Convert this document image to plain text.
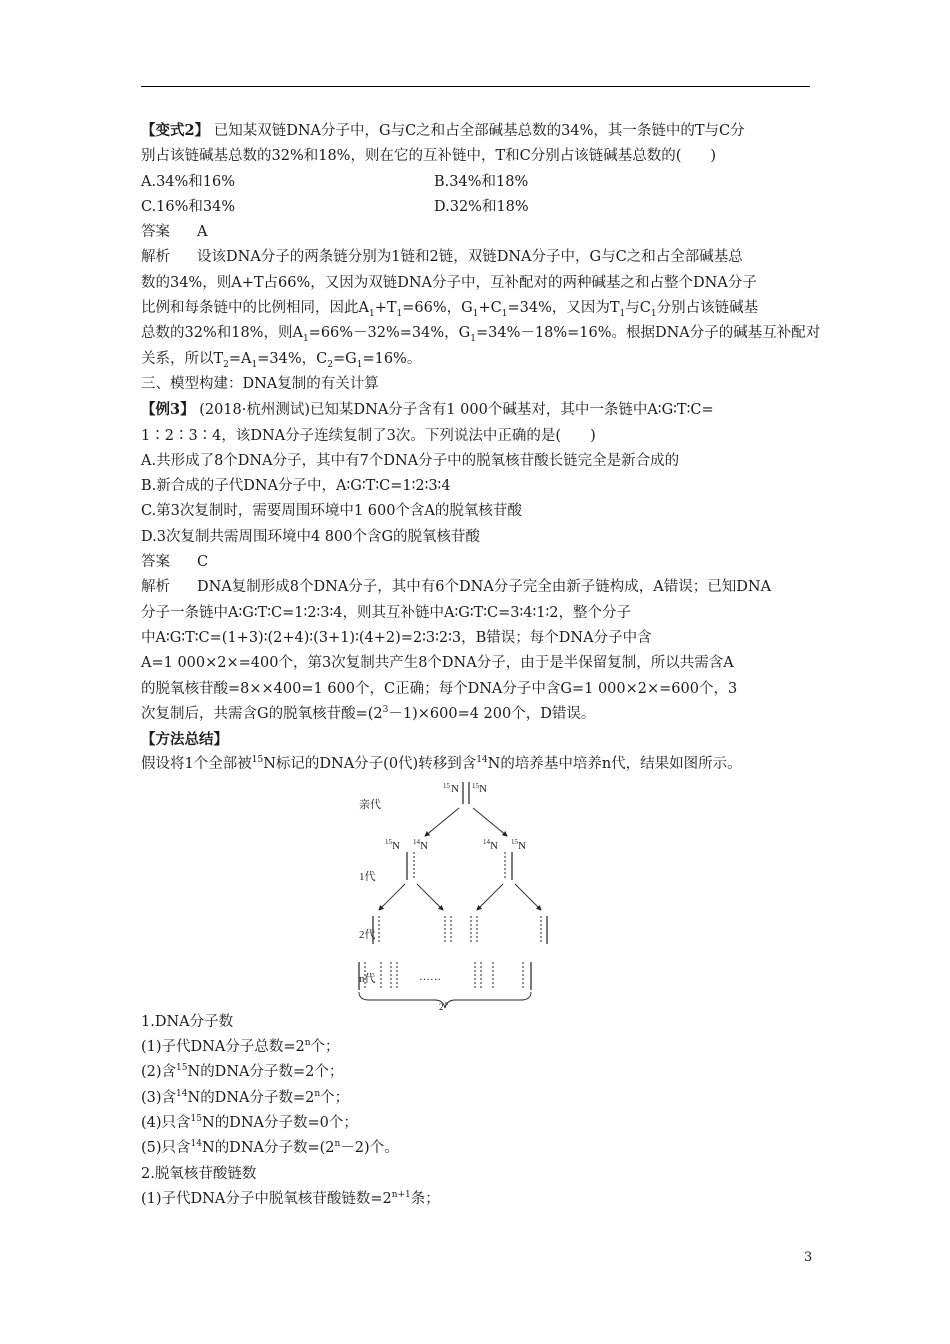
【变式2】 已知某双链DNA分子中，G与C之和占全部碱基总数的34%，其一条链中的T与C分

别占该链碱基总数的32%和18%，则在它的互补链中，T和C分别占该链碱基总数的(　　)

A.34%和16%	B.34%和18%

C.16%和34%	D.32%和18%

答案 A

解析 设该DNA分子的两条链分别为1链和2链，双链DNA分子中，G与C之和占全部碱基总

数的34%，则A+T占66%，又因为双链DNA分子中，互补配对的两种碱基之和占整个DNA分子

比例和每条链中的比例相同，因此$A_1+T_1=66\%$，$G_1+C_1=34\%$，又因为$T_1$与$C_1$分别占该链碱基

总数的32%和18%，则$A_1=66\%-32\%=34\%$，$G_1=34\%-18\%=16\%$。根据DNA分子的碱基互补配对

关系，所以$T_2=A_1=34\%$，$C_2=G_1=16\%$。

三、模型构建：DNA复制的有关计算

【例3】 (2018·杭州测试)已知某DNA分子含有1 000个碱基对，其中一条链中A∶G∶T∶C=

1∶2∶3∶4，该DNA分子连续复制了3次。下列说法中正确的是(　　)

A.共形成了8个DNA分子，其中有7个DNA分子中的脱氧核苷酸长链完全是新合成的

B.新合成的子代DNA分子中，A∶G∶T∶C=1∶2∶3∶4

C.第3次复制时，需要周围环境中1 600个含A的脱氧核苷酸

D.3次复制共需周围环境中4 800个含G的脱氧核苷酸

答案 C

解析 DNA复制形成8个DNA分子，其中有6个DNA分子完全由新子链构成，A错误；已知DNA

分子一条链中A∶G∶T∶C=1∶2∶3∶4，则其互补链中A∶G∶T∶C=3∶4∶1∶2，整个分子

中A∶G∶T∶C=(1+3)∶(2+4)∶(3+1)∶(4+2)=2∶3∶2∶3，B错误；每个DNA分子中含

A=1 000×2×=400个，第3次复制共产生8个DNA分子，由于是半保留复制，所以共需含A

的脱氧核苷酸=8××400=1 600个，C正确；每个DNA分子中含G=1 000×2×=600个，3

次复制后，共需含G的脱氧核苷酸$=(2^3-1)\times 600=4$ 200个，D错误。

【方法总结】

假设将1个全部被$^{15}$N标记的DNA分子(0代)转移到含$^{14}$N的培养基中培养n代，结果如图所示。

亲代
1代
2代
n代
15 N 15 N
15 N 14 N	14 N 15 N
……
2 n

1.DNA分子数

(1)子代DNA分子总数$=2^n$个；

(2)含$^{15}$N的DNA分子数=2个；

(3)含$^{14}$N的DNA分子数$=2^n$个；

(4)只含$^{15}$N的DNA分子数=0个；

(5)只含$^{14}$N的DNA分子数$=(2^n-2)$个。

2.脱氧核苷酸链数

(1)子代DNA分子中脱氧核苷酸链数$=2^{n+1}$条；

3
